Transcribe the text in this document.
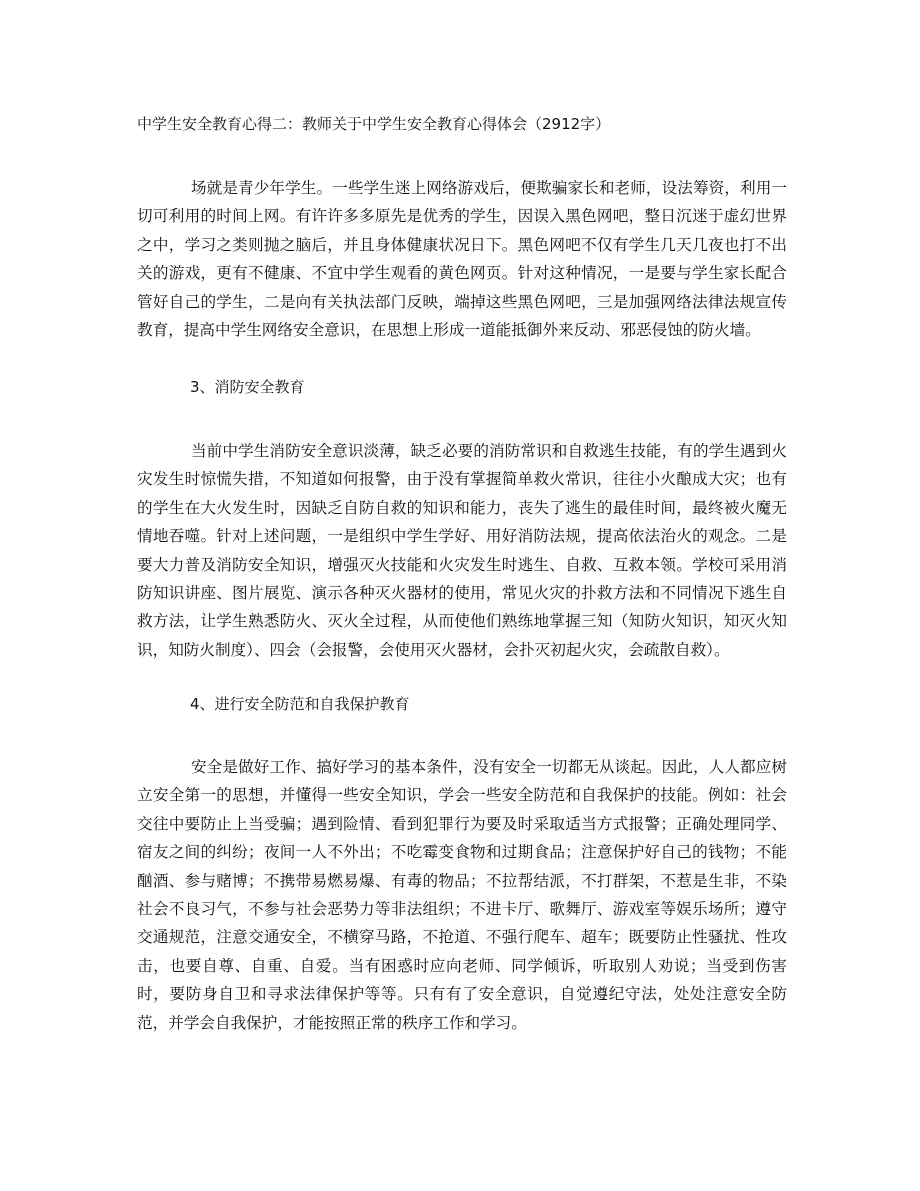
中学生安全教育心得二：教师关于中学生安全教育心得体会（2912字）

场就是青少年学生。一些学生迷上网络游戏后，便欺骗家长和老师，设法筹资，利用一切可利用的时间上网。有许许多多原先是优秀的学生，因误入黑色网吧，整日沉迷于虚幻世界之中，学习之类则抛之脑后，并且身体健康状况日下。黑色网吧不仅有学生几天几夜也打不出关的游戏，更有不健康、不宜中学生观看的黄色网页。针对这种情况，一是要与学生家长配合管好自己的学生，二是向有关执法部门反映，端掉这些黑色网吧，三是加强网络法律法规宣传教育，提高中学生网络安全意识，在思想上形成一道能抵御外来反动、邪恶侵蚀的防火墙。

3、消防安全教育

当前中学生消防安全意识淡薄，缺乏必要的消防常识和自救逃生技能，有的学生遇到火灾发生时惊慌失措，不知道如何报警，由于没有掌握简单救火常识，往往小火酿成大灾；也有的学生在大火发生时，因缺乏自防自救的知识和能力，丧失了逃生的最佳时间，最终被火魔无情地吞噬。针对上述问题，一是组织中学生学好、用好消防法规，提高依法治火的观念。二是要大力普及消防安全知识，增强灭火技能和火灾发生时逃生、自救、互救本领。学校可采用消防知识讲座、图片展览、演示各种灭火器材的使用，常见火灾的扑救方法和不同情况下逃生自救方法，让学生熟悉防火、灭火全过程，从而使他们熟练地掌握三知（知防火知识，知灭火知识，知防火制度）、四会（会报警，会使用灭火器材，会扑灭初起火灾，会疏散自救）。

4、进行安全防范和自我保护教育

安全是做好工作、搞好学习的基本条件，没有安全一切都无从谈起。因此，人人都应树立安全第一的思想，并懂得一些安全知识，学会一些安全防范和自我保护的技能。例如：社会交往中要防止上当受骗；遇到险情、看到犯罪行为要及时采取适当方式报警；正确处理同学、宿友之间的纠纷；夜间一人不外出；不吃霉变食物和过期食品；注意保护好自己的钱物；不能酗酒、参与赌博；不携带易燃易爆、有毒的物品；不拉帮结派，不打群架，不惹是生非，不染社会不良习气，不参与社会恶势力等非法组织；不进卡厅、歌舞厅、游戏室等娱乐场所；遵守交通规范，注意交通安全，不横穿马路，不抢道、不强行爬车、超车；既要防止性骚扰、性攻击，也要自尊、自重、自爱。当有困惑时应向老师、同学倾诉，听取别人劝说；当受到伤害时，要防身自卫和寻求法律保护等等。只有有了安全意识，自觉遵纪守法，处处注意安全防范，并学会自我保护，才能按照正常的秩序工作和学习。
